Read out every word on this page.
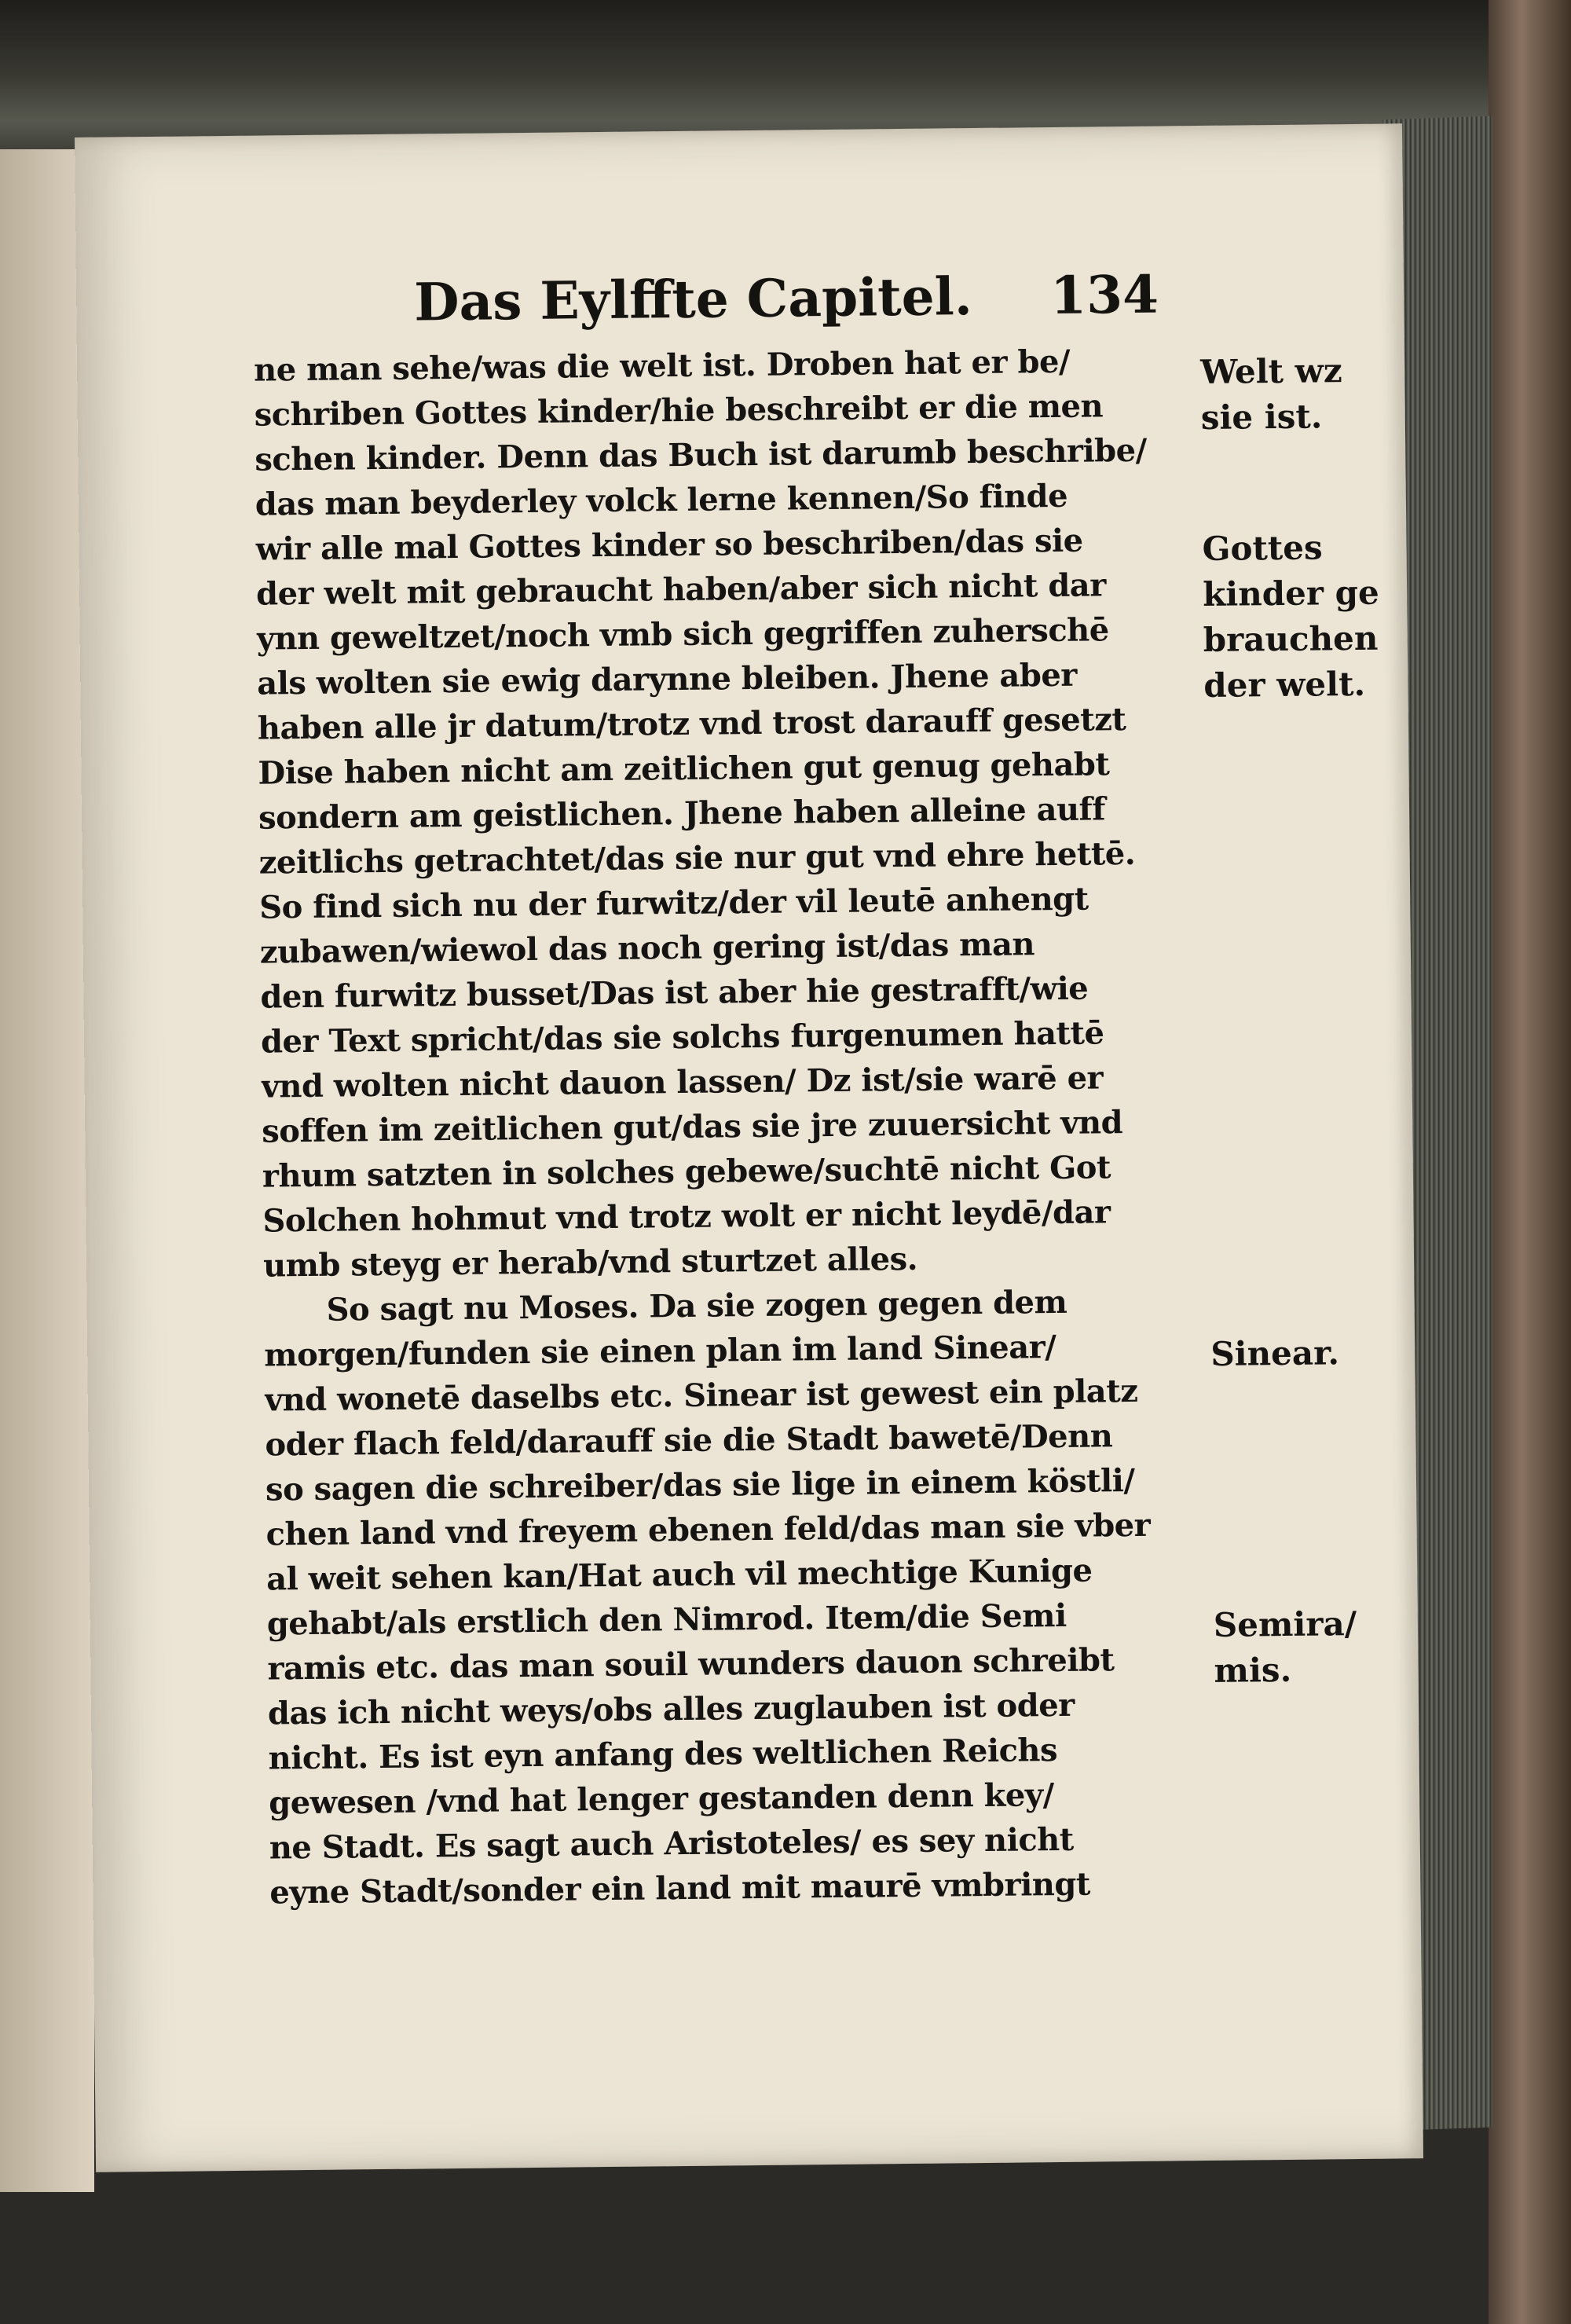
Das Eylffte Capitel. 134
ne man sehe/was die welt ist. Droben hat er be/
schriben Gottes kinder/hie beschreibt er die men
schen kinder. Denn das Buch ist darumb beschribe/
das man beyderley volck lerne kennen/So finde
wir alle mal Gottes kinder so beschriben/das sie
der welt mit gebraucht haben/aber sich nicht dar
ynn geweltzet/noch vmb sich gegriffen zuherschē
als wolten sie ewig darynne bleiben. Jhene aber
haben alle jr datum/trotz vnd trost darauff gesetzt
Dise haben nicht am zeitlichen gut genug gehabt
sondern am geistlichen. Jhene haben alleine auff
zeitlichs getrachtet/das sie nur gut vnd ehre hettē.
So find sich nu der furwitz/der vil leutē anhengt
zubawen/wiewol das noch gering ist/das man
den furwitz busset/Das ist aber hie gestrafft/wie
der Text spricht/das sie solchs furgenumen hattē
vnd wolten nicht dauon lassen/ Dz ist/sie warē er
soffen im zeitlichen gut/das sie jre zuuersicht vnd
rhum satzten in solches gebewe/suchtē nicht Got
Solchen hohmut vnd trotz wolt er nicht leydē/dar
umb steyg er herab/vnd sturtzet alles.
So sagt nu Moses. Da sie zogen gegen dem
morgen/funden sie einen plan im land Sinear/
vnd wonetē daselbs etc. Sinear ist gewest ein platz
oder flach feld/darauff sie die Stadt bawetē/Denn
so sagen die schreiber/das sie lige in einem köstli/
chen land vnd freyem ebenen feld/das man sie vber
al weit sehen kan/Hat auch vil mechtige Kunige
gehabt/als erstlich den Nimrod. Item/die Semi
ramis etc. das man souil wunders dauon schreibt
das ich nicht weys/obs alles zuglauben ist oder
nicht. Es ist eyn anfang des weltlichen Reichs
gewesen /vnd hat lenger gestanden denn key/
ne Stadt. Es sagt auch Aristoteles/ es sey nicht
eyne Stadt/sonder ein land mit maurē vmbringt
Welt wz
sie ist.
Gottes
kinder ge
brauchen
der welt.
Sinear.
Semira/
mis.
